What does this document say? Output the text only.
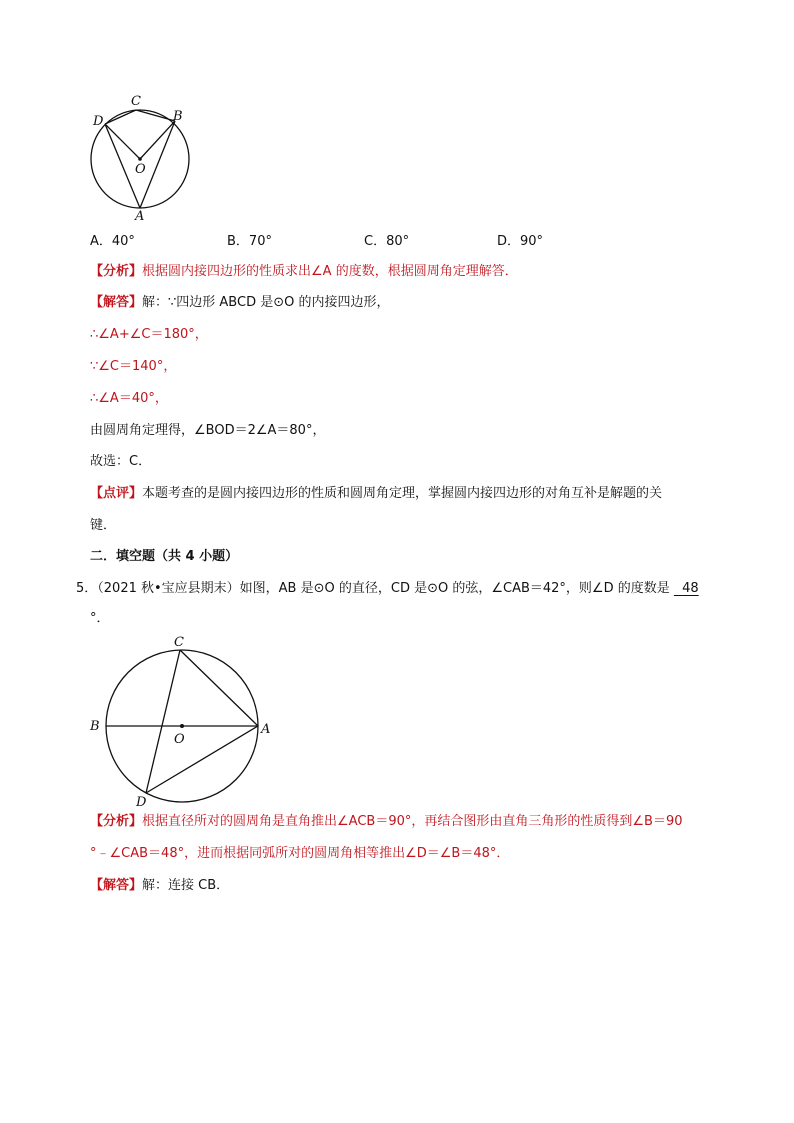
C
D	B
O
A
A．40°	B．70°	C．80°	D．90°
【分析】根据圆内接四边形的性质求出∠A 的度数，根据圆周角定理解答．
【解答】解：∵四边形 ABCD 是⊙O 的内接四边形，
∴∠A+∠C＝180°，
∵∠C＝140°，
∴∠A＝40°，
由圆周角定理得，∠BOD＝2∠A＝80°，
故选：C．
【点评】本题考查的是圆内接四边形的性质和圆周角定理，掌握圆内接四边形的对角互补是解题的关
键．
二．填空题（共 4 小题）
5．（2021 秋•宝应县期末）如图，AB 是⊙O 的直径，CD 是⊙O 的弦，∠CAB＝42°，则∠D 的度数是 48
°．
C
B
O
A
D
【分析】根据直径所对的圆周角是直角推出∠ACB＝90°，再结合图形由直角三角形的性质得到∠B＝90
°﹣∠CAB＝48°，进而根据同弧所对的圆周角相等推出∠D＝∠B＝48°．
【解答】解：连接 CB．
